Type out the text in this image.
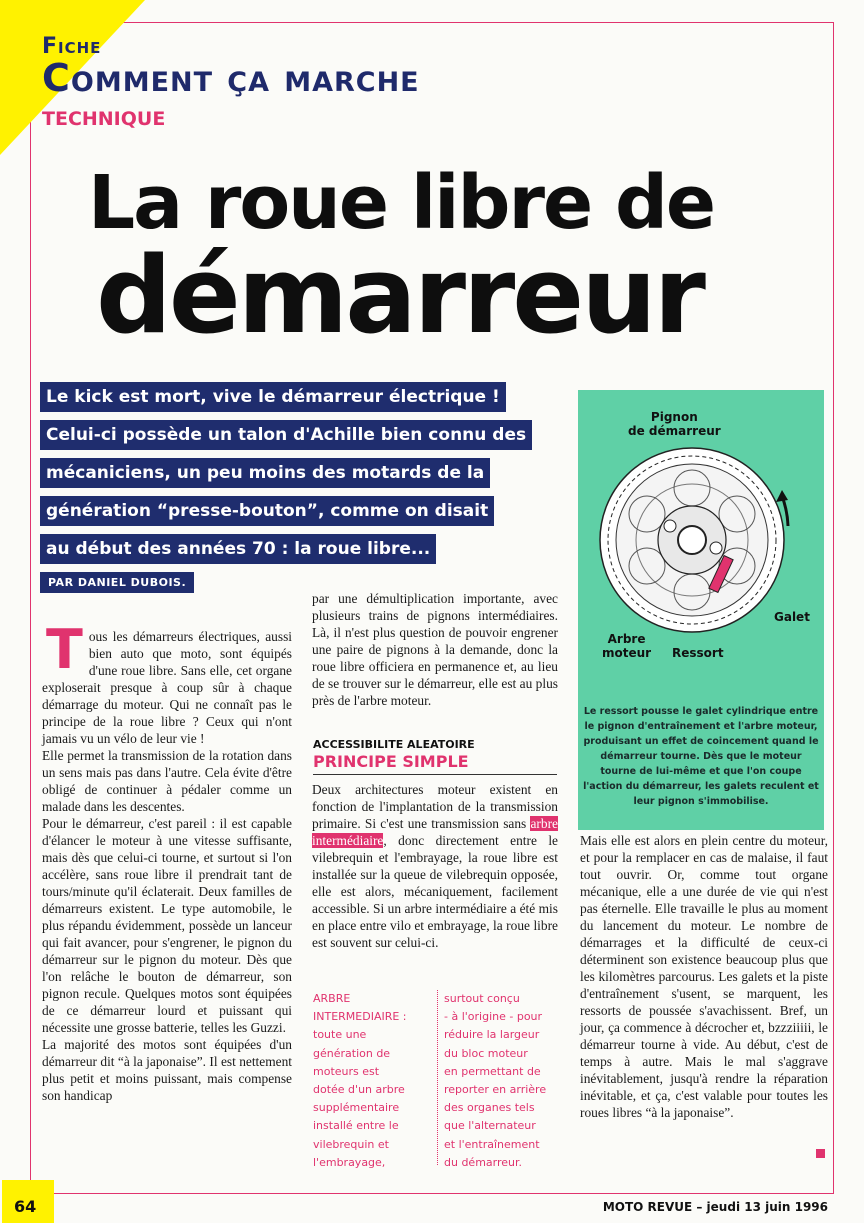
Fiche
Comment ça marche
TECHNIQUE
La roue libre de
démarreur
Le kick est mort, vive le démarreur électrique !
Celui-ci possède un talon d'Achille bien connu des
mécaniciens, un peu moins des motards de la
génération “presse-bouton”, comme on disait
au début des années 70 : la roue libre...
PAR DANIEL DUBOIS.

Tous les démarreurs électriques, aussi bien auto que moto, sont équipés d'une roue libre. Sans elle, cet organe exploserait presque à coup sûr à chaque démarrage du moteur. Qui ne connaît pas le principe de la roue libre ? Ceux qui n'ont jamais vu un vélo de leur vie !

Elle permet la transmission de la rotation dans un sens mais pas dans l'autre. Cela évite d'être obligé de continuer à pédaler comme un malade dans les descentes.

Pour le démarreur, c'est pareil : il est capable d'élancer le moteur à une vitesse suffisante, mais dès que celui-ci tourne, et surtout si l'on accélère, sans roue libre il prendrait tant de tours/minute qu'il éclaterait. Deux familles de démarreurs existent. Le type automobile, le plus répandu évidemment, possède un lanceur qui fait avancer, pour s'engrener, le pignon du démarreur sur le pignon du moteur. Dès que l'on relâche le bouton de démarreur, son pignon recule. Quelques motos sont équipées de ce démarreur lourd et puissant qui nécessite une grosse batterie, telles les Guzzi.

La majorité des motos sont équipées d'un démarreur dit “à la japonaise”. Il est nettement plus petit et moins puissant, mais compense son handicap

par une démultiplication importante, avec plusieurs trains de pignons intermédiaires. Là, il n'est plus question de pouvoir engrener une paire de pignons à la demande, donc la roue libre officiera en permanence et, au lieu de se trouver sur le démarreur, elle est au plus près de l'arbre moteur.

ACCESSIBILITE ALEATOIRE
PRINCIPE SIMPLE

Deux architectures moteur existent en fonction de l'implantation de la transmission primaire. Si c'est une transmission sans arbre intermédiaire, donc directement entre le vilebrequin et l'embrayage, la roue libre est installée sur la queue de vilebrequin opposée, elle est alors, mécaniquement, facilement accessible. Si un arbre intermédiaire a été mis en place entre vilo et embrayage, la roue libre est souvent sur celui-ci.

ARBRE
INTERMEDIAIRE :
toute une
génération de
moteurs est
dotée d'un arbre
supplémentaire
installé entre le
vilebrequin et
l'embrayage,
surtout conçu
- à l'origine - pour
réduire la largeur
du bloc moteur
en permettant de
reporter en arrière
des organes tels
que l'alternateur
et l'entraînement
du démarreur.
Pignon
de démarreur
Galet
Arbre
moteur Ressort
Le ressort pousse le galet cylindrique entre le pignon d'entraînement et l'arbre moteur, produisant un effet de coincement quand le démarreur tourne. Dès que le moteur tourne de lui-même et que l'on coupe l'action du démarreur, les galets reculent et leur pignon s'immobilise.

Mais elle est alors en plein centre du moteur, et pour la remplacer en cas de malaise, il faut tout ouvrir. Or, comme tout organe mécanique, elle a une durée de vie qui n'est pas éternelle. Elle travaille le plus au moment du lancement du moteur. Le nombre de démarrages et la difficulté de ceux-ci déterminent son existence beaucoup plus que les kilomètres parcourus. Les galets et la piste d'entraînement s'usent, se marquent, les ressorts de poussée s'avachissent. Bref, un jour, ça commence à décrocher et, bzzziiiii, le démarreur tourne à vide. Au début, c'est de temps à autre. Mais le mal s'aggrave inévitablement, jusqu'à rendre la réparation inévitable, et ça, c'est valable pour toutes les roues libres “à la japonaise”.

64	MOTO REVUE – jeudi 13 juin 1996
